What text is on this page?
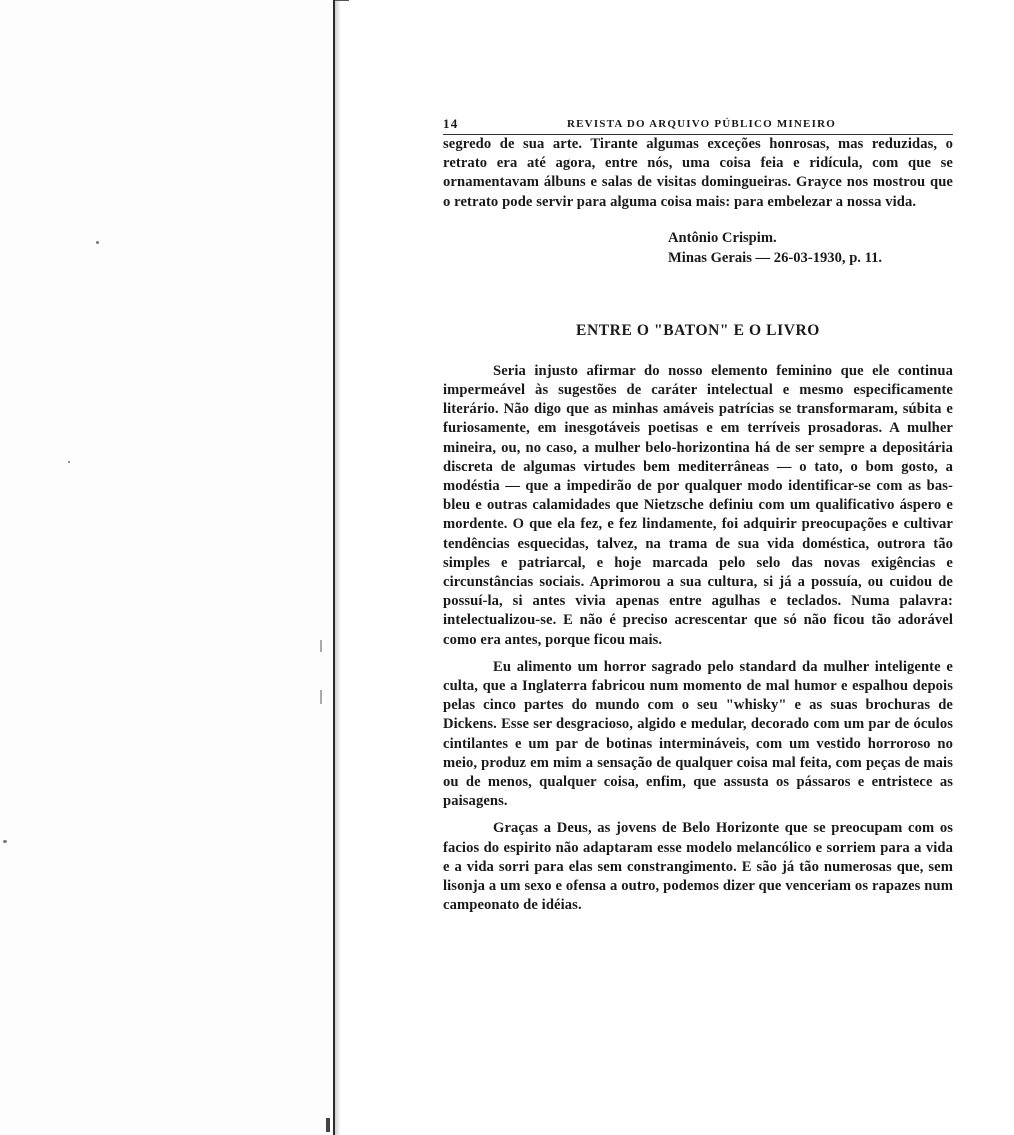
14	REVISTA DO ARQUIVO PÚBLICO MINEIRO

segredo de sua arte. Tirante algumas exceções honrosas, mas reduzidas, o retrato era até agora, entre nós, uma coisa feia e ridícula, com que se ornamentavam álbuns e salas de visitas domingueiras. Grayce nos mostrou que o retrato pode servir para alguma coisa mais: para embelezar a nossa vida.

Antônio Crispim.
Minas Gerais — 26-03-1930, p. 11.
ENTRE O "BATON" E O LIVRO

Seria injusto afirmar do nosso elemento feminino que ele continua impermeável às sugestões de caráter intelectual e mesmo especificamente literário. Não digo que as minhas amáveis patrícias se transformaram, súbita e furiosamente, em inesgotáveis poetisas e em terríveis prosadoras. A mulher mineira, ou, no caso, a mulher belo-horizontina há de ser sempre a depositária discreta de algumas virtudes bem mediterrâneas — o tato, o bom gosto, a modéstia — que a impedirão de por qualquer modo identificar-se com as bas-bleu e outras calamidades que Nietzsche definiu com um qualificativo áspero e mordente. O que ela fez, e fez lindamente, foi adquirir preocupações e cultivar tendências esquecidas, talvez, na trama de sua vida doméstica, outrora tão simples e patriarcal, e hoje marcada pelo selo das novas exigências e circunstâncias sociais. Aprimorou a sua cultura, si já a possuía, ou cuidou de possuí-la, si antes vivia apenas entre agulhas e teclados. Numa palavra: intelectualizou-se. E não é preciso acrescentar que só não ficou tão adorável como era antes, porque ficou mais.

Eu alimento um horror sagrado pelo standard da mulher inteligente e culta, que a Inglaterra fabricou num momento de mal humor e espalhou depois pelas cinco partes do mundo com o seu "whisky" e as suas brochuras de Dickens. Esse ser desgracioso, algido e medular, decorado com um par de óculos cintilantes e um par de botinas intermináveis, com um vestido horroroso no meio, produz em mim a sensação de qualquer coisa mal feita, com peças de mais ou de menos, qualquer coisa, enfim, que assusta os pássaros e entristece as paisagens.

Graças a Deus, as jovens de Belo Horizonte que se preocupam com os facios do espirito não adaptaram esse modelo melancólico e sorriem para a vida e a vida sorri para elas sem constrangimento. E são já tão numerosas que, sem lisonja a um sexo e ofensa a outro, podemos dizer que venceriam os rapazes num campeonato de idéias.
